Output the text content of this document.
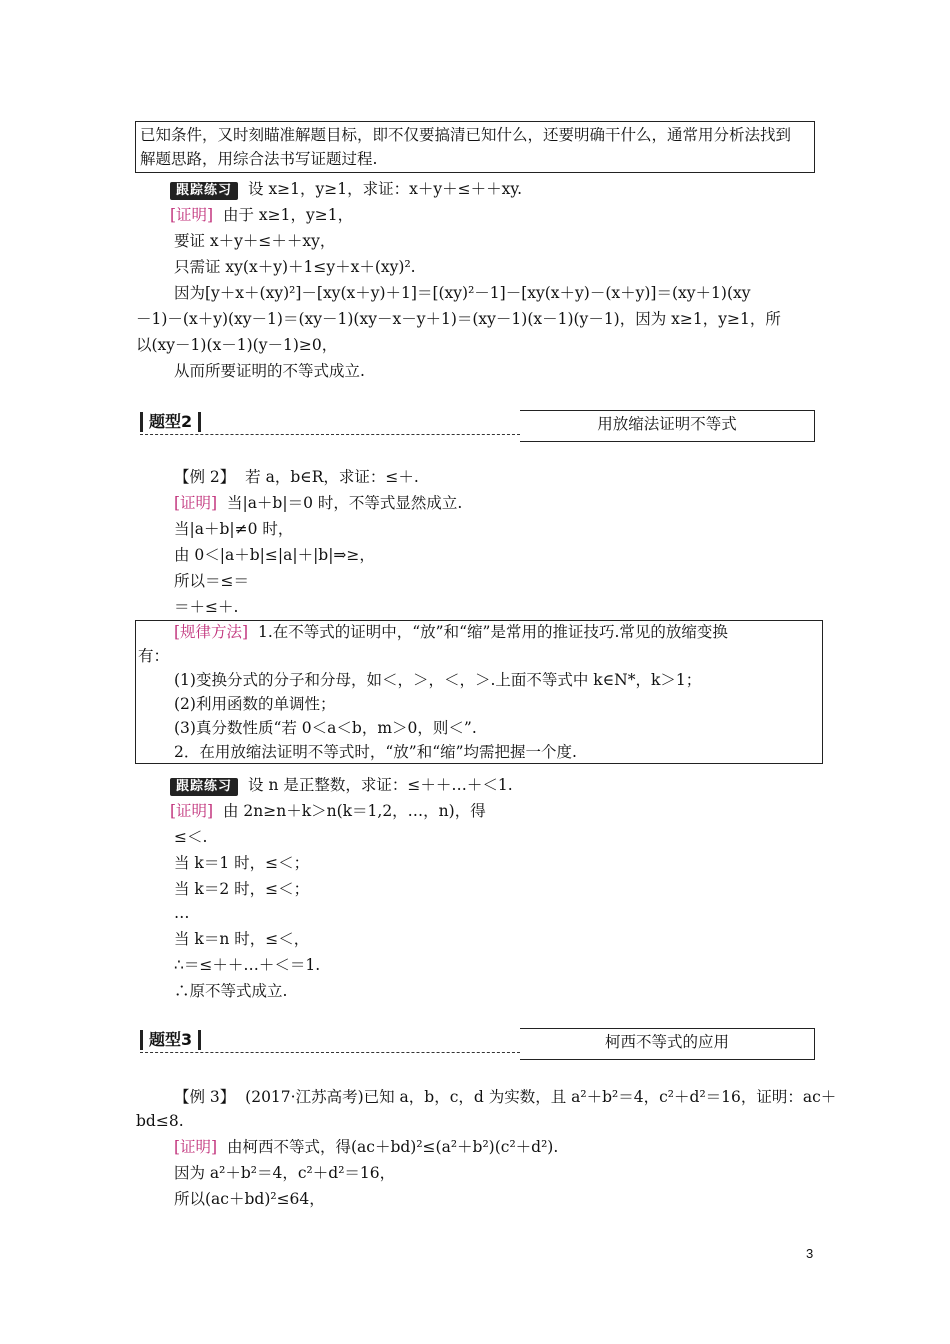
已知条件，又时刻瞄准解题目标，即不仅要搞清已知什么，还要明确干什么，通常用分析法找到
解题思路，用综合法书写证题过程.
跟踪练习 设 x≥1，y≥1，求证：x＋y＋≤＋＋xy.
[证明] 由于 x≥1，y≥1，
要证 x＋y＋≤＋＋xy，
只需证 xy(x＋y)＋1≤y＋x＋(xy)².
因为[y＋x＋(xy)²]－[xy(x＋y)＋1]＝[(xy)²－1]－[xy(x＋y)－(x＋y)]＝(xy＋1)(xy
－1)－(x＋y)(xy－1)＝(xy－1)(xy－x－y＋1)＝(xy－1)(x－1)(y－1)，因为 x≥1，y≥1，所
以(xy－1)(x－1)(y－1)≥0，
从而所要证明的不等式成立.
题型2	用放缩法证明不等式
【例 2】 若 a，b∈R，求证：≤＋.
[证明] 当|a＋b|＝0 时，不等式显然成立.
当|a＋b|≠0 时，
由 0＜|a＋b|≤|a|＋|b|⇒≥，
所以＝≤＝
＝＋≤＋.
[规律方法] 1.在不等式的证明中，“放”和“缩”是常用的推证技巧.常见的放缩变换
有：
(1)变换分式的分子和分母，如＜，＞，＜，＞.上面不等式中 k∈N*，k＞1；
(2)利用函数的单调性；
(3)真分数性质“若 0＜a＜b，m＞0，则＜”.
2．在用放缩法证明不等式时，“放”和“缩”均需把握一个度.
跟踪练习 设 n 是正整数，求证：≤＋＋…＋＜1.
[证明] 由 2n≥n＋k＞n(k＝1,2，…，n)，得
≤＜.
当 k＝1 时，≤＜；
当 k＝2 时，≤＜；
…
当 k＝n 时，≤＜，
∴＝≤＋＋…＋＜＝1.
∴原不等式成立.
题型3	柯西不等式的应用
【例 3】 (2017·江苏高考)已知 a，b，c，d 为实数，且 a²＋b²＝4，c²＋d²＝16，证明：ac＋
bd≤8.
[证明] 由柯西不等式，得(ac＋bd)²≤(a²＋b²)(c²＋d²).
因为 a²＋b²＝4，c²＋d²＝16，
所以(ac＋bd)²≤64，
3
